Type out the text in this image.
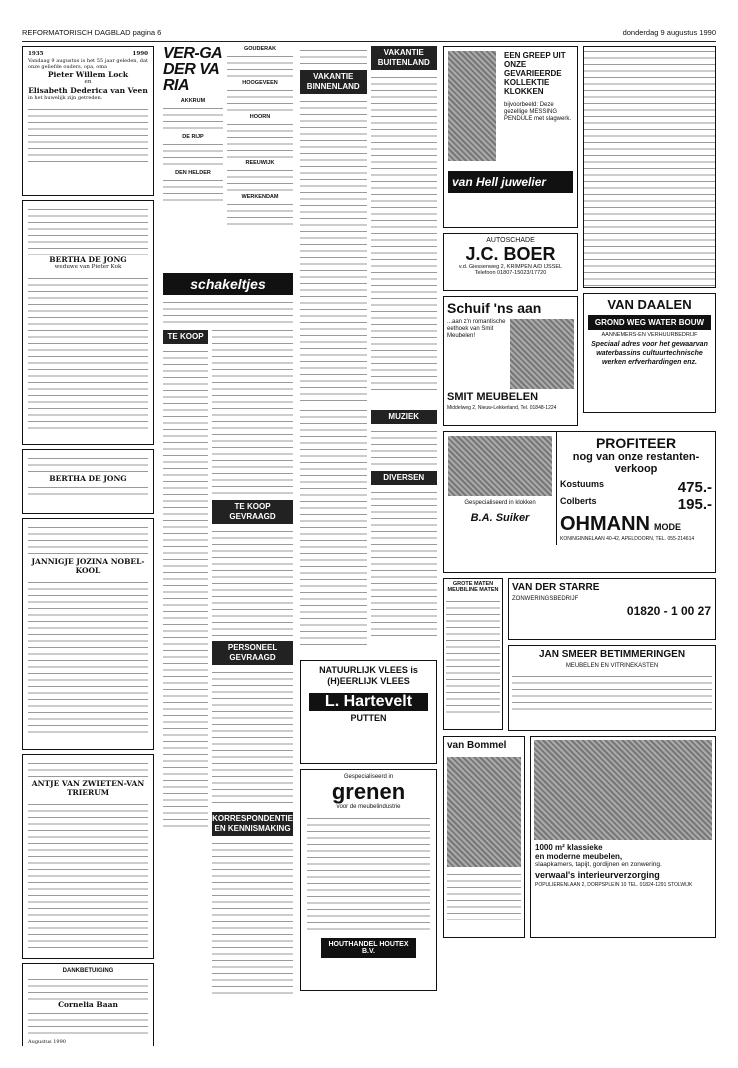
REFORMATORISCH DAGBLAD pagina 6	donderdag 9 augustus 1990
1935	1990
Vandaag 9 augustus is het 55 jaar geleden, dat onze geliefde ouders, opa, oma
Pieter Willem Lock
en
Elisabeth Dederica van Veen
in het huwelijk zijn getreden.
BERTHA DE JONG
weduwe van Pieter Kok
BERTHA DE JONG
JANNIGJE JOZINA NOBEL-KOOL
ANTJE VAN ZWIETEN-VAN TRIERUM
DANKBETUIGING
Cornelia Baan
Augustus 1990
VER-GADER VARIA
AKKRUM
DE RIJP
DEN HELDER
GOUDERAK
HOOGEVEEN
HOORN
REEUWIJK
WERKENDAM
schakeltjes
TE KOOP
TE KOOP GEVRAAGD
PERSONEEL GEVRAAGD
KORRESPONDENTIE EN KENNISMAKING
VAKANTIE BINNENLAND
VAKANTIE BUITENLAND
MUZIEK
DIVERSEN
NATUURLIJK VLEES is (H)EERLIJK VLEES
L. Hartevelt
PUTTEN
Gespecialiseerd in
grenen
voor de meubelindustrie
HOUTHANDEL HOUTEX B.V.
EEN GREEP UIT ONZE GEVARIEERDE KOLLEKTIE KLOKKEN
bijvoorbeeld: Deze gezellige MESSING PENDULE met slagwerk.
van Hell juwelier
AUTOSCHADE
J.C. BOER
v.d. Giessenweg 2, KRIMPEN A/D IJSSEL
Telefoon 01807-15023/17720
Schuif 'ns aan
...aan z'n romantische eethoek van Smit Meubelen!
SMIT MEUBELEN
Middelweg 2, Nieuw-Lekkerland, Tel. 01848-1224
VAN DAALEN
GROND WEG WATER BOUW
AANNEMERS-EN VERHUURBEDRIJF
Speciaal adres voor het gewaarvan waterbassins cultuurtechnische werken erfverhardingen enz.
Gespecialiseerd in klokken
B.A. Suiker
PROFITEER
nog van onze restanten-verkoop
Kostuums	475.-
Colberts	195.-
OHMANN MODE
KONINGINNELAAN 40-42, APELDOORN, TEL. 055-214614
GROTE MATEN MEUBILINE MATEN	VAN DER STARRE
ZONWERINGSBEDRIJF
01820 - 1 00 27
JAN SMEER BETIMMERINGEN
MEUBELEN EN VITRINEKASTEN
van Bommel
1000 m² klassieke
en moderne meubelen,
slaapkamers, tapijt, gordijnen en zonwering.
verwaal's interieurverzorging
POPULIERENLAAN 2, DORPSPLEIN 10 TEL. 01824-1291 STOLWIJK
